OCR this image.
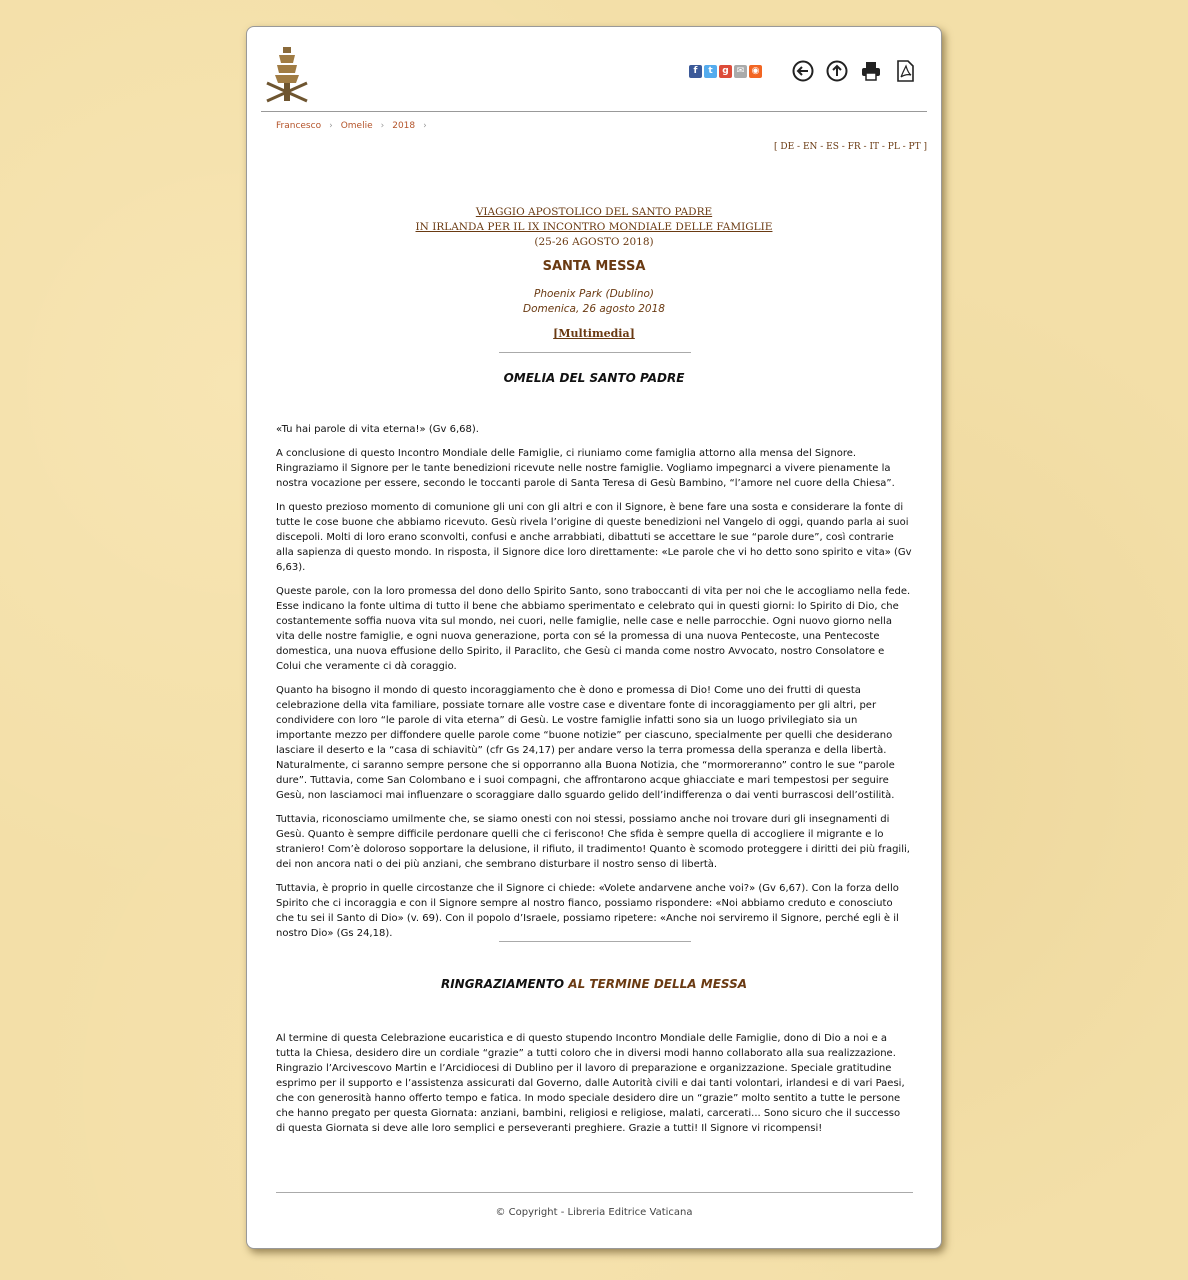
f	t	g ✉ ◉
Francesco › Omelie › 2018 ›
[ DE - EN - ES - FR - IT - PL - PT ]
VIAGGIO APOSTOLICO DEL SANTO PADRE
IN IRLANDA PER IL IX INCONTRO MONDIALE DELLE FAMIGLIE
(25-26 AGOSTO 2018)
SANTA MESSA
Phoenix Park (Dublino)
Domenica, 26 agosto 2018
[Multimedia]
OMELIA DEL SANTO PADRE

«Tu hai parole di vita eterna!» (Gv 6,68).

A conclusione di questo Incontro Mondiale delle Famiglie, ci riuniamo come famiglia attorno alla mensa del Signore. Ringraziamo il Signore per le tante benedizioni ricevute nelle nostre famiglie. Vogliamo impegnarci a vivere pienamente la nostra vocazione per essere, secondo le toccanti parole di Santa Teresa di Gesù Bambino, “l’amore nel cuore della Chiesa”.

In questo prezioso momento di comunione gli uni con gli altri e con il Signore, è bene fare una sosta e considerare la fonte di tutte le cose buone che abbiamo ricevuto. Gesù rivela l’origine di queste benedizioni nel Vangelo di oggi, quando parla ai suoi discepoli. Molti di loro erano sconvolti, confusi e anche arrabbiati, dibattuti se accettare le sue “parole dure”, così contrarie alla sapienza di questo mondo. In risposta, il Signore dice loro direttamente: «Le parole che vi ho detto sono spirito e vita» (Gv 6,63).

Queste parole, con la loro promessa del dono dello Spirito Santo, sono traboccanti di vita per noi che le accogliamo nella fede. Esse indicano la fonte ultima di tutto il bene che abbiamo sperimentato e celebrato qui in questi giorni: lo Spirito di Dio, che costantemente soffia nuova vita sul mondo, nei cuori, nelle famiglie, nelle case e nelle parrocchie. Ogni nuovo giorno nella vita delle nostre famiglie, e ogni nuova generazione, porta con sé la promessa di una nuova Pentecoste, una Pentecoste domestica, una nuova effusione dello Spirito, il Paraclito, che Gesù ci manda come nostro Avvocato, nostro Consolatore e Colui che veramente ci dà coraggio.

Quanto ha bisogno il mondo di questo incoraggiamento che è dono e promessa di Dio! Come uno dei frutti di questa celebrazione della vita familiare, possiate tornare alle vostre case e diventare fonte di incoraggiamento per gli altri, per condividere con loro “le parole di vita eterna” di Gesù. Le vostre famiglie infatti sono sia un luogo privilegiato sia un importante mezzo per diffondere quelle parole come “buone notizie” per ciascuno, specialmente per quelli che desiderano lasciare il deserto e la “casa di schiavitù” (cfr Gs 24,17) per andare verso la terra promessa della speranza e della libertà.

Naturalmente, ci saranno sempre persone che si opporranno alla Buona Notizia, che “mormoreranno” contro le sue “parole dure”. Tuttavia, come San Colombano e i suoi compagni, che affrontarono acque ghiacciate e mari tempestosi per seguire Gesù, non lasciamoci mai influenzare o scoraggiare dallo sguardo gelido dell’indifferenza o dai venti burrascosi dell’ostilità.

Tuttavia, riconosciamo umilmente che, se siamo onesti con noi stessi, possiamo anche noi trovare duri gli insegnamenti di Gesù. Quanto è sempre difficile perdonare quelli che ci feriscono! Che sfida è sempre quella di accogliere il migrante e lo straniero! Com’è doloroso sopportare la delusione, il rifiuto, il tradimento! Quanto è scomodo proteggere i diritti dei più fragili, dei non ancora nati o dei più anziani, che sembrano disturbare il nostro senso di libertà.

Tuttavia, è proprio in quelle circostanze che il Signore ci chiede: «Volete andarvene anche voi?» (Gv 6,67). Con la forza dello Spirito che ci incoraggia e con il Signore sempre al nostro fianco, possiamo rispondere: «Noi abbiamo creduto e conosciuto che tu sei il Santo di Dio» (v. 69). Con il popolo d’Israele, possiamo ripetere: «Anche noi serviremo il Signore, perché egli è il nostro Dio» (Gs 24,18).

RINGRAZIAMENTO AL TERMINE DELLA MESSA

Al termine di questa Celebrazione eucaristica e di questo stupendo Incontro Mondiale delle Famiglie, dono di Dio a noi e a tutta la Chiesa, desidero dire un cordiale “grazie” a tutti coloro che in diversi modi hanno collaborato alla sua realizzazione. Ringrazio l’Arcivescovo Martin e l’Arcidiocesi di Dublino per il lavoro di preparazione e organizzazione. Speciale gratitudine esprimo per il supporto e l’assistenza assicurati dal Governo, dalle Autorità civili e dai tanti volontari, irlandesi e di vari Paesi, che con generosità hanno offerto tempo e fatica. In modo speciale desidero dire un “grazie” molto sentito a tutte le persone che hanno pregato per questa Giornata: anziani, bambini, religiosi e religiose, malati, carcerati... Sono sicuro che il successo di questa Giornata si deve alle loro semplici e perseveranti preghiere. Grazie a tutti! Il Signore vi ricompensi!

© Copyright - Libreria Editrice Vaticana
